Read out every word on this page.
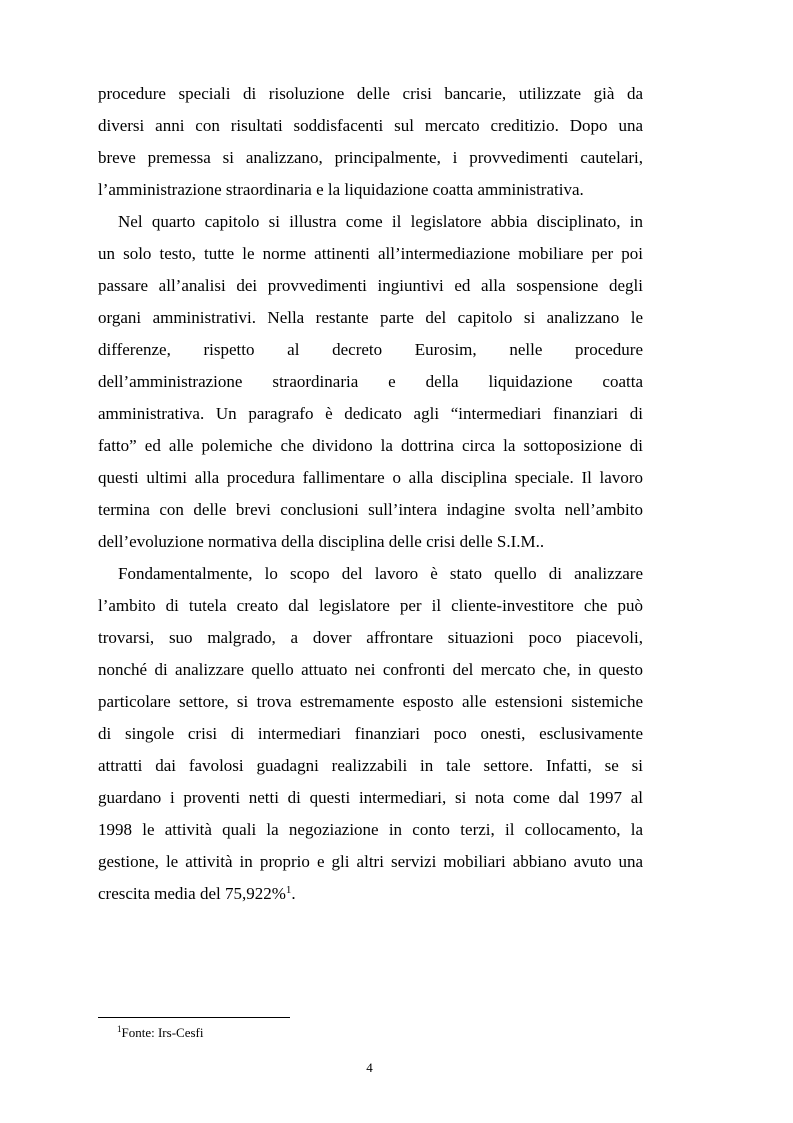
procedure speciali di risoluzione delle crisi bancarie, utilizzate già da
diversi anni con risultati soddisfacenti sul mercato creditizio. Dopo una
breve premessa si analizzano, principalmente, i provvedimenti cautelari,
l’amministrazione straordinaria e la liquidazione coatta amministrativa.
Nel quarto capitolo si illustra come il legislatore abbia disciplinato, in
un solo testo, tutte le norme attinenti all’intermediazione mobiliare per poi
passare all’analisi dei provvedimenti ingiuntivi ed alla sospensione degli
organi amministrativi. Nella restante parte del capitolo si analizzano le
differenze, rispetto al decreto Eurosim, nelle procedure
dell’amministrazione straordinaria e della liquidazione coatta
amministrativa. Un paragrafo è dedicato agli “intermediari finanziari di
fatto” ed alle polemiche che dividono la dottrina circa la sottoposizione di
questi ultimi alla procedura fallimentare o alla disciplina speciale. Il lavoro
termina con delle brevi conclusioni sull’intera indagine svolta nell’ambito
dell’evoluzione normativa della disciplina delle crisi delle S.I.M..
Fondamentalmente, lo scopo del lavoro è stato quello di analizzare
l’ambito di tutela creato dal legislatore per il cliente-investitore che può
trovarsi, suo malgrado, a dover affrontare situazioni poco piacevoli,
nonché di analizzare quello attuato nei confronti del mercato che, in questo
particolare settore, si trova estremamente esposto alle estensioni sistemiche
di singole crisi di intermediari finanziari poco onesti, esclusivamente
attratti dai favolosi guadagni realizzabili in tale settore. Infatti, se si
guardano i proventi netti di questi intermediari, si nota come dal 1997 al
1998 le attività quali la negoziazione in conto terzi, il collocamento, la
gestione, le attività in proprio e gli altri servizi mobiliari abbiano avuto una
crescita media del 75,922%$^1$.
$^1$Fonte: Irs-Cesfi
4
